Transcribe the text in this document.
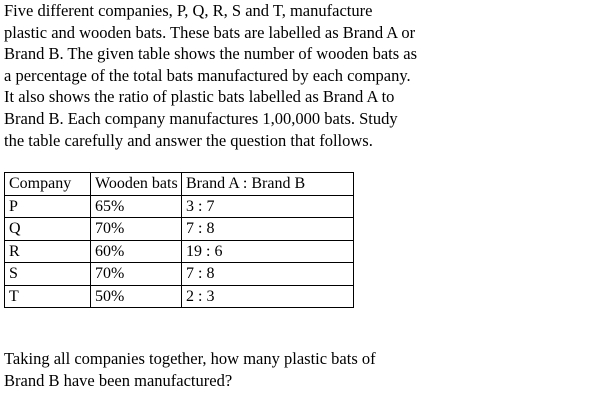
Five different companies, P, Q, R, S and T, manufacture
plastic and wooden bats. These bats are labelled as Brand A or
Brand B. The given table shows the number of wooden bats as
a percentage of the total bats manufactured by each company.
It also shows the ratio of plastic bats labelled as Brand A to
Brand B. Each company manufactures 1,00,000 bats. Study
the table carefully and answer the question that follows.
Company	Wooden bats	Brand A : Brand B
P	65%	3 : 7
Q	70%	7 : 8
R	60%	19 : 6
S	70%	7 : 8
T	50%	2 : 3
Taking all companies together, how many plastic bats of
Brand B have been manufactured?
